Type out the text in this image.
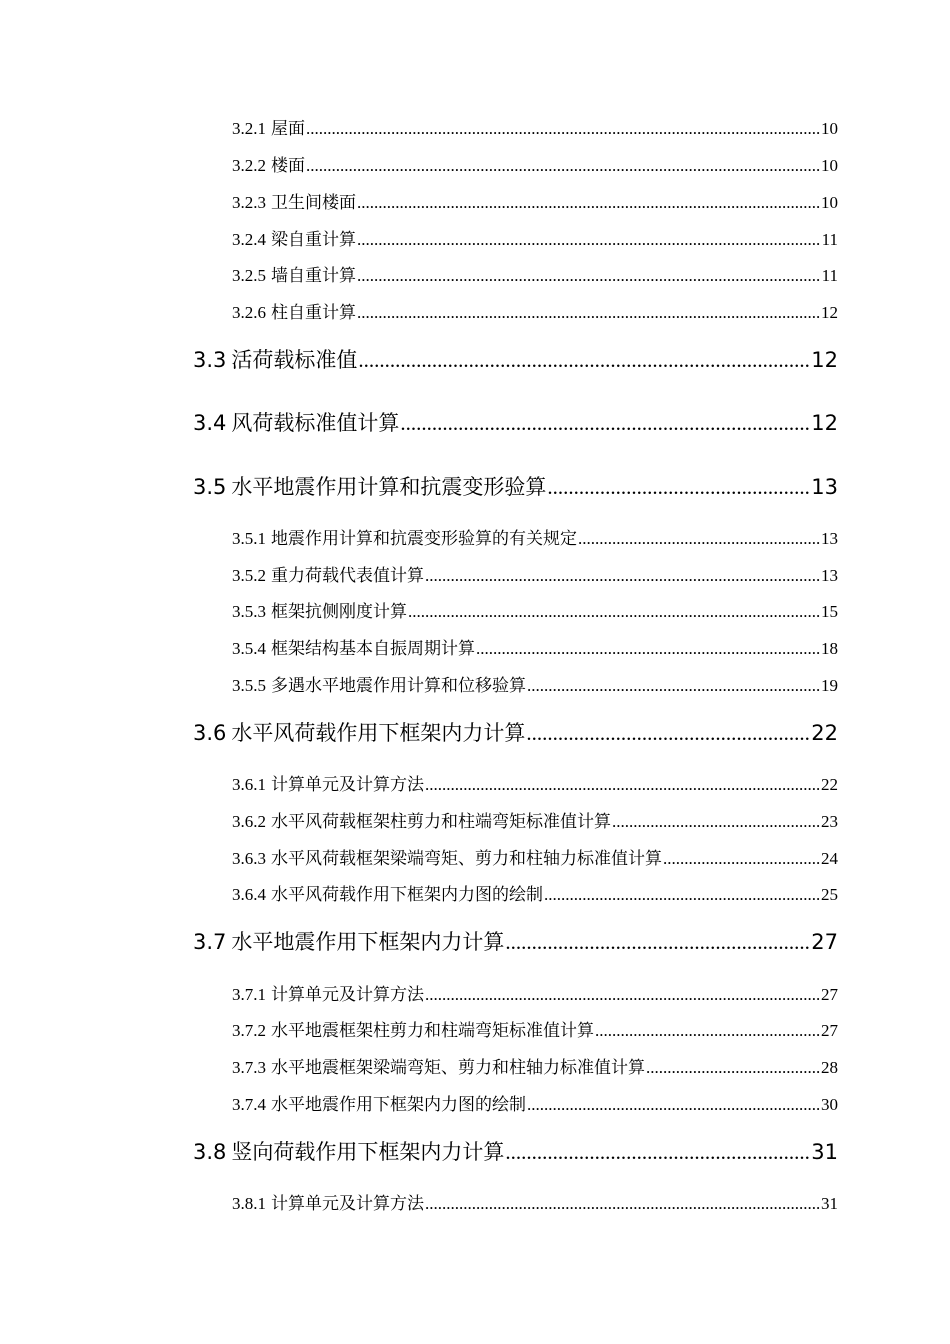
3.2.1 屋面 .....	10
3.2.2 楼面 .....	10
3.2.3 卫生间楼面 .....	10
3.2.4 梁自重计算 .....	11
3.2.5 墙自重计算 .....	11
3.2.6 柱自重计算 .....	12
3.3 活荷载标准值 .....	12
3.4 风荷载标准值计算 .....	12
3.5 水平地震作用计算和抗震变形验算 .....	13
3.5.1 地震作用计算和抗震变形验算的有关规定 .....	13
3.5.2 重力荷载代表值计算 .....	13
3.5.3 框架抗侧刚度计算 .....	15
3.5.4 框架结构基本自振周期计算 .....	18
3.5.5 多遇水平地震作用计算和位移验算 .....	19
3.6 水平风荷载作用下框架内力计算 .....	22
3.6.1 计算单元及计算方法 .....	22
3.6.2 水平风荷载框架柱剪力和柱端弯矩标准值计算 .....	23
3.6.3 水平风荷载框架梁端弯矩、剪力和柱轴力标准值计算 .....	24
3.6.4 水平风荷载作用下框架内力图的绘制 .....	25
3.7 水平地震作用下框架内力计算 .....	27
3.7.1 计算单元及计算方法 .....	27
3.7.2 水平地震框架柱剪力和柱端弯矩标准值计算 .....	27
3.7.3 水平地震框架梁端弯矩、剪力和柱轴力标准值计算 .....	28
3.7.4 水平地震作用下框架内力图的绘制 .....	30
3.8 竖向荷载作用下框架内力计算 .....	31
3.8.1 计算单元及计算方法 .....	31
